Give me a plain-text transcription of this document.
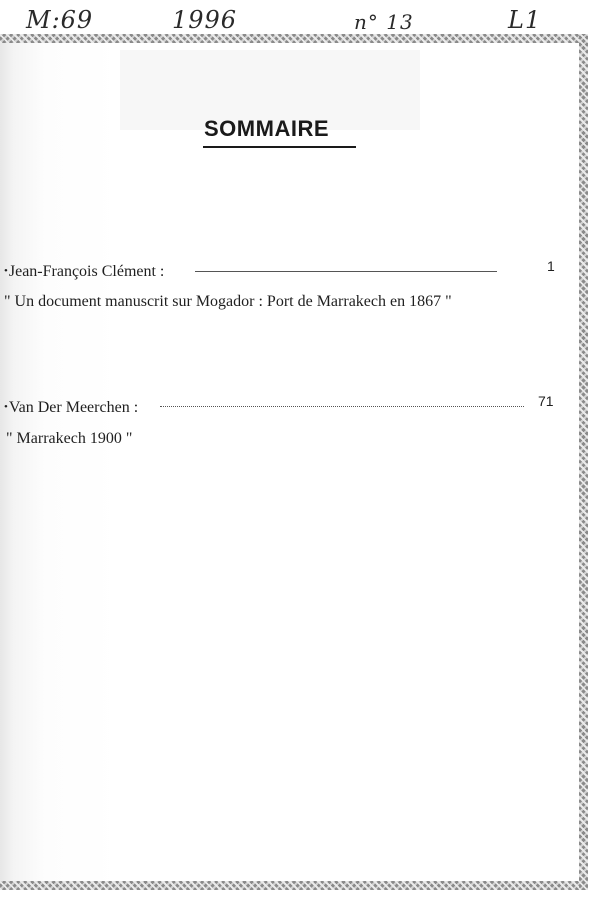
M:69	1996	n° 13	L1
SOMMAIRE
•Jean-François Clément :	1
" Un document manuscrit sur Mogador : Port de Marrakech en 1867 "
•Van Der Meerchen :	71
" Marrakech 1900 "
